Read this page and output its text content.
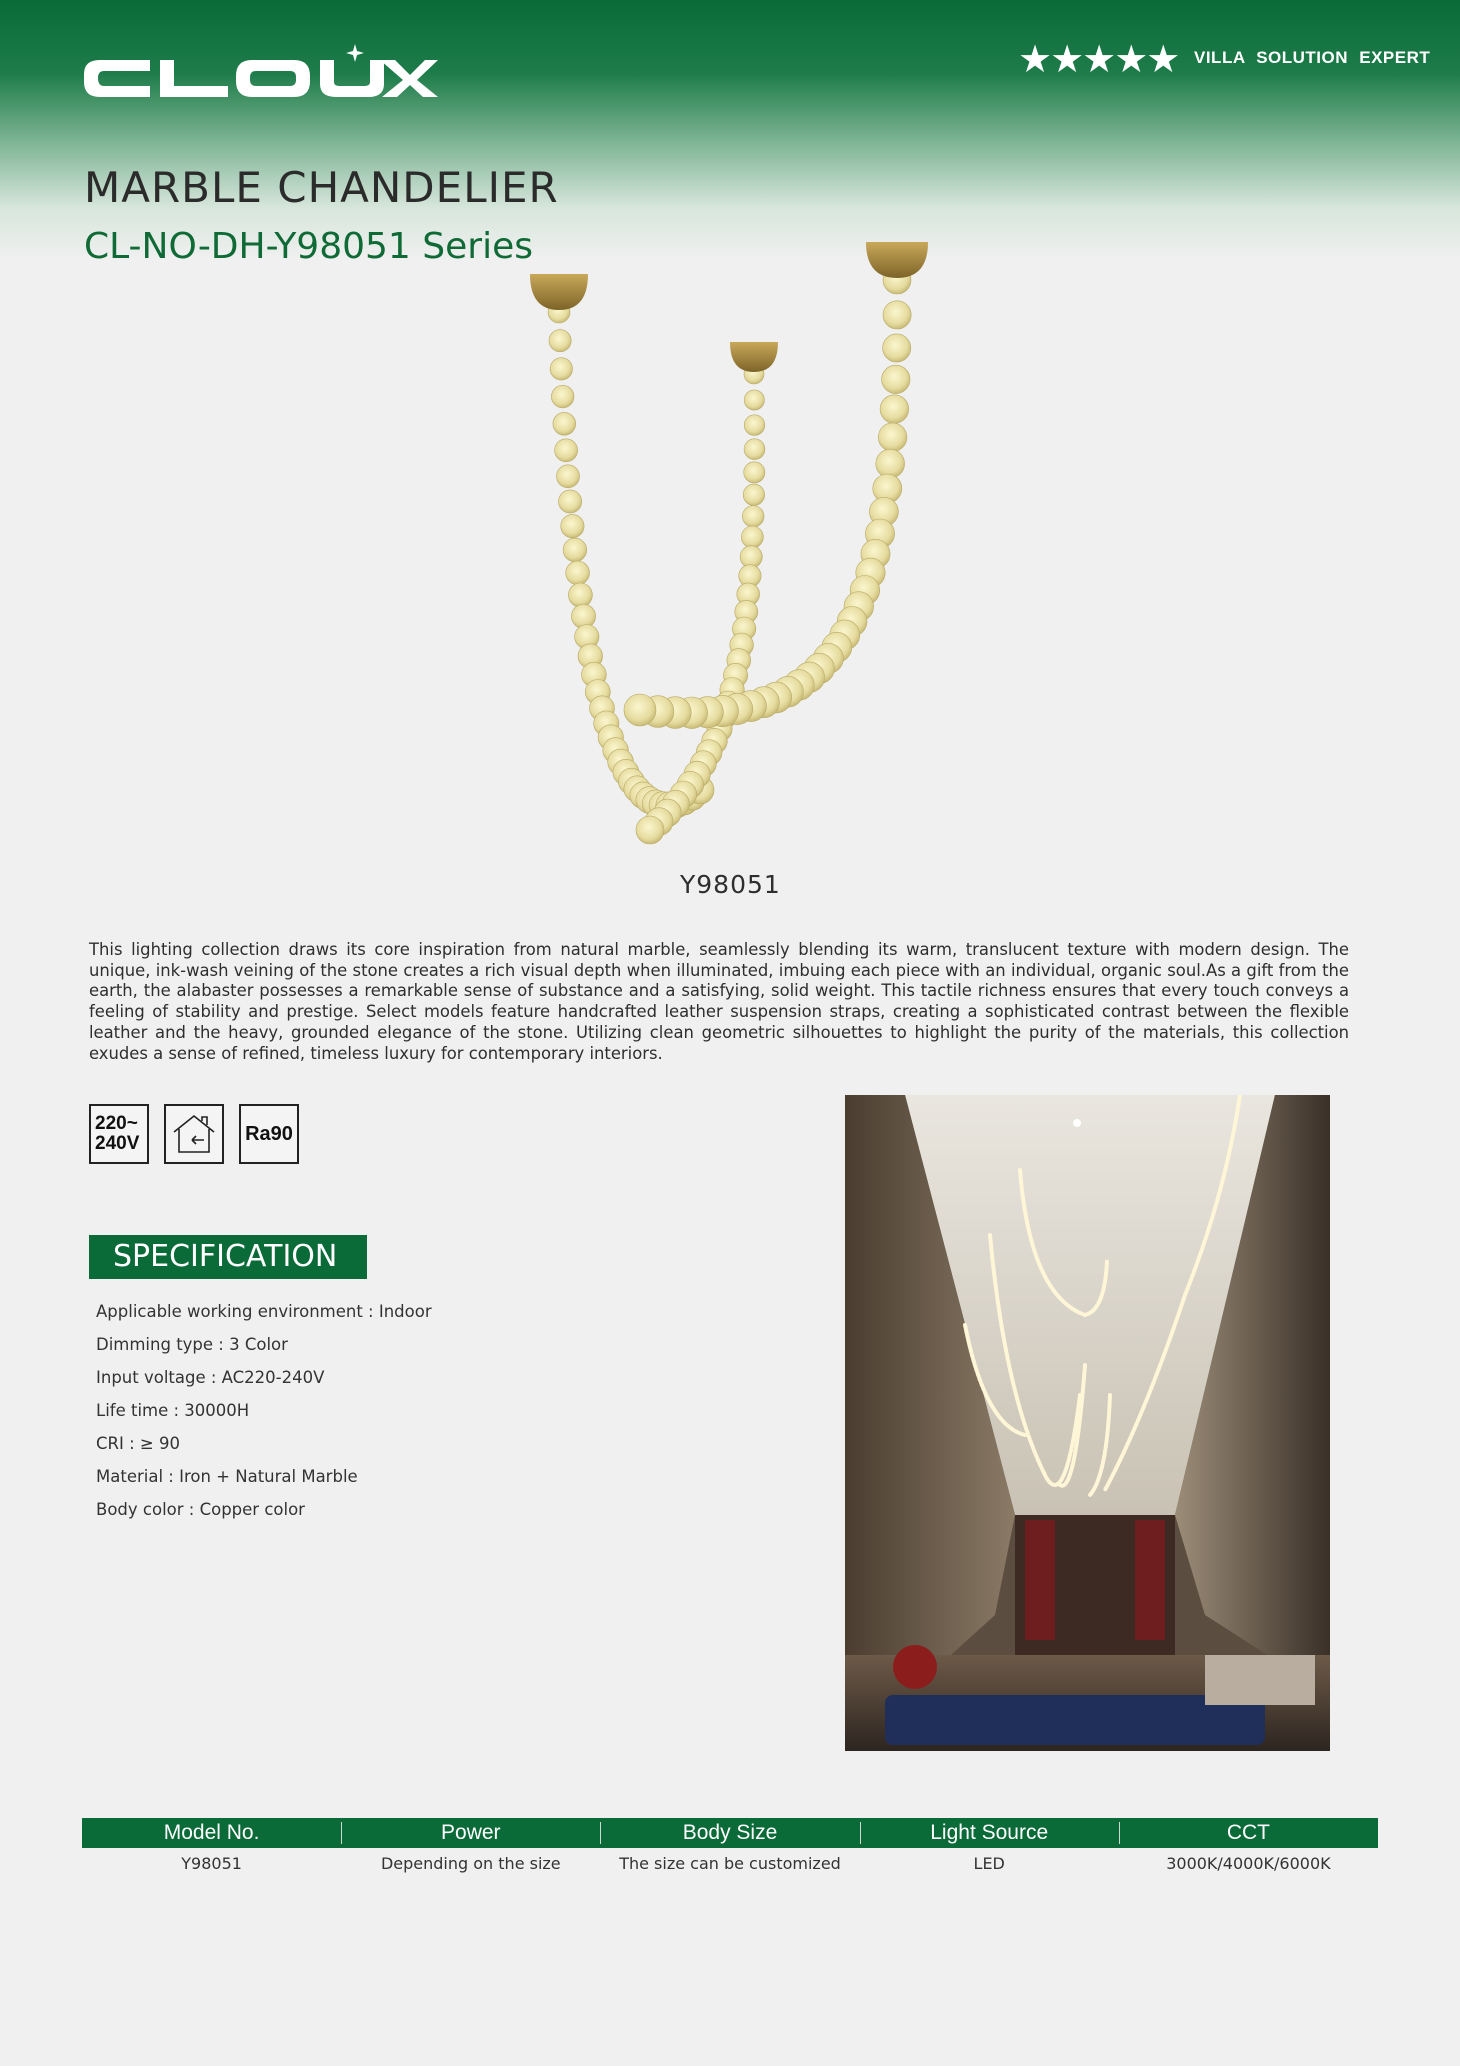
★★★★★ VILLA SOLUTION EXPERT
MARBLE CHANDELIER
CL-NO-DH-Y98051 Series
Y98051
This lighting collection draws its core inspiration from natural marble, seamlessly blending its warm, translucent texture with modern design. The unique, ink-wash veining of the stone creates a rich visual depth when illuminated, imbuing each piece with an individual, organic soul.As a gift from the earth, the alabaster possesses a remarkable sense of substance and a satisfying, solid weight. This tactile richness ensures that every touch conveys a feeling of stability and prestige. Select models feature handcrafted leather suspension straps, creating a sophisticated contrast between the flexible leather and the heavy, grounded elegance of the stone. Utilizing clean geometric silhouettes to highlight the purity of the materials, this collection exudes a sense of refined, timeless luxury for contemporary interiors.
220~
240V	Ra90
SPECIFICATION
Applicable working environment : Indoor
Dimming type : 3 Color
Input voltage : AC220-240V
Life time : 30000H
CRI : ≥ 90
Material : Iron + Natural Marble
Body color : Copper color
Model No.	Power	Body Size	Light Source	CCT
Y98051	Depending on the size	The size can be customized	LED	3000K/4000K/6000K
